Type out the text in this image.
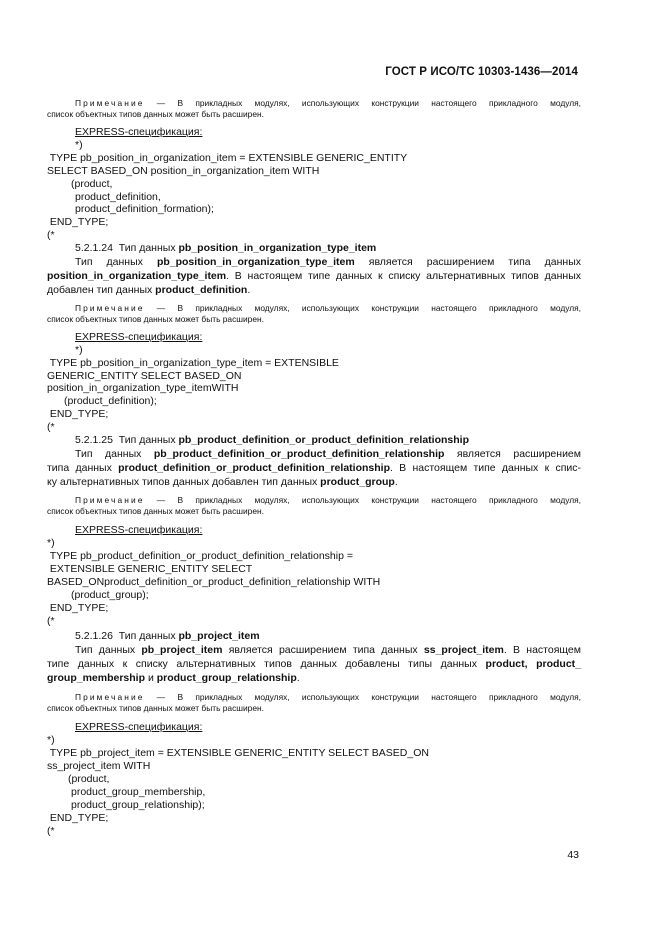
ГОСТ Р ИСО/ТС 10303-1436—2014
Примечание — В прикладных модулях, использующих конструкции настоящего прикладного модуля,
список объектных типов данных может быть расширен.
EXPRESS-спецификация:
*)
TYPE pb_position_in_organization_item = EXTENSIBLE GENERIC_ENTITY
SELECT BASED_ON position_in_organization_item WITH
(product,
product_definition,
product_definition_formation);
END_TYPE;
(*
5.2.1.24  Тип данных pb_position_in_organization_type_item
Тип данных pb_position_in_organization_type_item является расширением типа данных
position_in_organization_type_item. В настоящем типе данных к списку альтернативных типов данных
добавлен тип данных product_definition.
Примечание — В прикладных модулях, использующих конструкции настоящего прикладного модуля,
список объектных типов данных может быть расширен.
EXPRESS-спецификация:
*)
TYPE pb_position_in_organization_type_item = EXTENSIBLE
GENERIC_ENTITY SELECT BASED_ON
position_in_organization_type_itemWITH
(product_definition);
END_TYPE;
(*
5.2.1.25  Тип данных pb_product_definition_or_product_definition_relationship
Тип данных pb_product_definition_or_product_definition_relationship является расширением
типа данных product_definition_or_product_definition_relationship. В настоящем типе данных к спис-
ку альтернативных типов данных добавлен тип данных product_group.
Примечание — В прикладных модулях, использующих конструкции настоящего прикладного модуля,
список объектных типов данных может быть расширен.
EXPRESS-спецификация:
*)
TYPE pb_product_definition_or_product_definition_relationship =
EXTENSIBLE GENERIC_ENTITY SELECT
BASED_ONproduct_definition_or_product_definition_relationship WITH
(product_group);
END_TYPE;
(*
5.2.1.26  Тип данных pb_project_item
Тип данных pb_project_item является расширением типа данных ss_project_item. В настоящем
типе данных к списку альтернативных типов данных добавлены типы данных product, product_
group_membership и product_group_relationship.
Примечание — В прикладных модулях, использующих конструкции настоящего прикладного модуля,
список объектных типов данных может быть расширен.
EXPRESS-спецификация:
*)
TYPE pb_project_item = EXTENSIBLE GENERIC_ENTITY SELECT BASED_ON
ss_project_item WITH
(product,
product_group_membership,
product_group_relationship);
END_TYPE;
(*
43
